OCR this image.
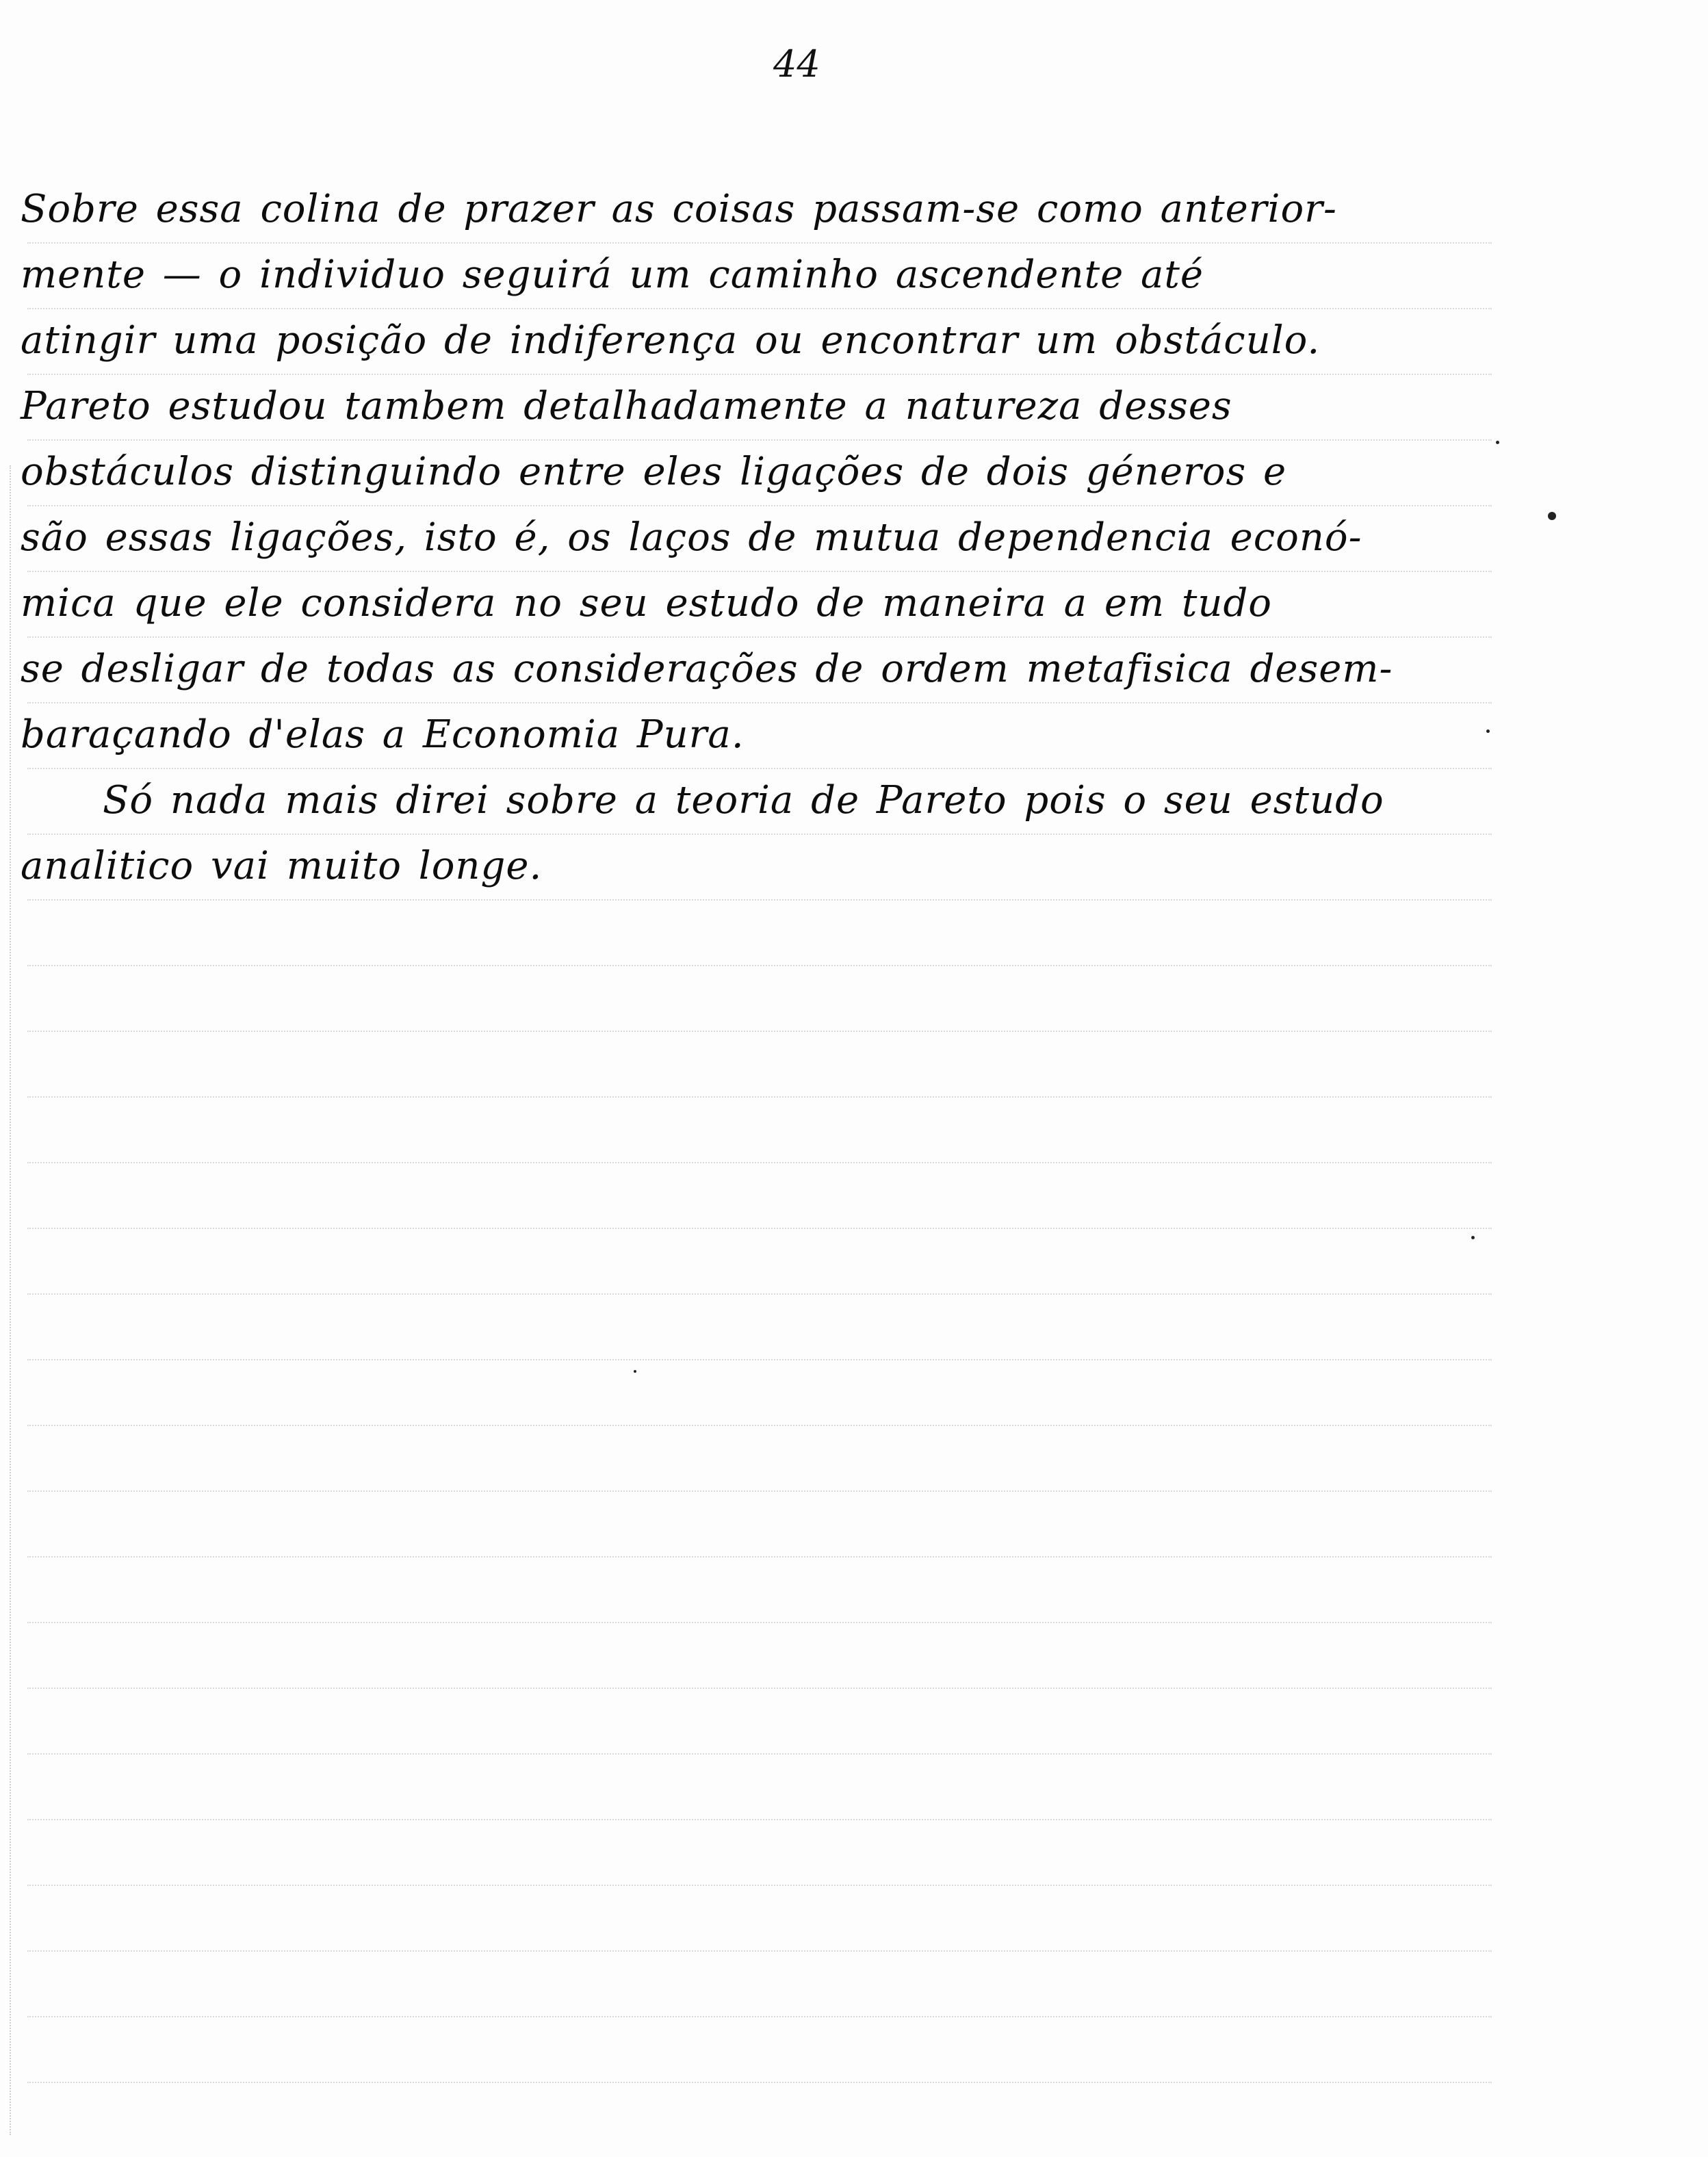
44
Sobre essa colina de prazer as coisas passam-se como anterior-
mente — o individuo seguirá um caminho ascendente até
atingir uma posição de indiferença ou encontrar um obstáculo.
Pareto estudou tambem detalhadamente a natureza desses
obstáculos distinguindo entre eles ligações de dois géneros e
são essas ligações, isto é, os laços de mutua dependencia econó-
mica que ele considera no seu estudo de maneira a em tudo
se desligar de todas as considerações de ordem metafisica desem-
baraçando d'elas a Economia Pura.
Só nada mais direi sobre a teoria de Pareto pois o seu estudo
analitico vai muito longe.
